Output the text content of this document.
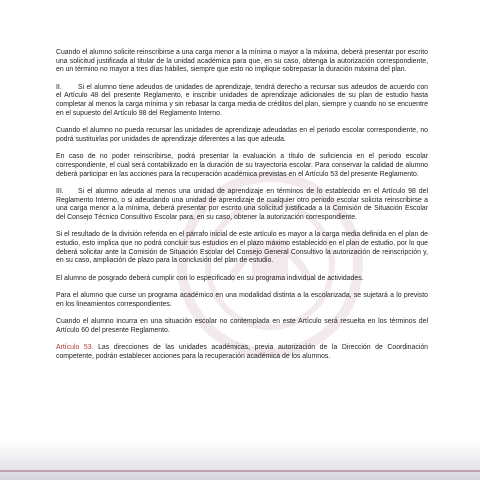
Cuando el alumno solicite reinscribirse a una carga menor a la mínima o mayor a la máxima, deberá presentar por escrito una solicitud justificada al titular de la unidad académica para que, en su caso, obtenga la autorización correspondiente, en un término no mayor a tres días hábiles, siempre que esto no implique sobrepasar la duración máxima del plan.

II. Si el alumno tiene adeudos de unidades de aprendizaje, tendrá derecho a recursar sus adeudos de acuerdo con el Artículo 48 del presente Reglamento, e inscribir unidades de aprendizaje adicionales de su plan de estudio hasta completar al menos la carga mínima y sin rebasar la carga media de créditos del plan, siempre y cuando no se encuentre en el supuesto del Artículo 98 del Reglamento Interno.

Cuando el alumno no pueda recursar las unidades de aprendizaje adeudadas en el periodo escolar correspondiente, no podrá sustituirlas por unidades de aprendizaje diferentes a las que adeuda.

En caso de no poder reinscribirse, podrá presentar la evaluación a título de suficiencia en el periodo escolar correspondiente, el cual será contabilizado en la duración de su trayectoria escolar. Para conservar la calidad de alumno deberá participar en las acciones para la recuperación académica previstas en el Artículo 53 del presente Reglamento.

III. Si el alumno adeuda al menos una unidad de aprendizaje en términos de lo establecido en el Artículo 98 del Reglamento Interno, o si adeudando una unidad de aprendizaje de cualquier otro periodo escolar solicita reinscribirse a una carga menor a la mínima, deberá presentar por escrito una solicitud justificada a la Comisión de Situación Escolar del Consejo Técnico Consultivo Escolar para, en su caso, obtener la autorización correspondiente.

Si el resultado de la división referida en el párrafo inicial de este artículo es mayor a la carga media definida en el plan de estudio, esto implica que no podrá concluir sus estudios en el plazo máximo establecido en el plan de estudio, por lo que deberá solicitar ante la Comisión de Situación Escolar del Consejo General Consultivo la autorización de reinscripción y, en su caso, ampliación de plazo para la conclusión del plan de estudio.

El alumno de posgrado deberá cumplir con lo especificado en su programa individual de actividades.

Para el alumno que curse un programa académico en una modalidad distinta a la escolarizada, se sujetará a lo previsto en los lineamientos correspondientes.

Cuando el alumno incurra en una situación escolar no contemplada en este Artículo será resuelta en los términos del Artículo 60 del presente Reglamento.

Artículo 53. Las direcciones de las unidades académicas, previa autorización de la Dirección de Coordinación competente, podrán establecer acciones para la recuperación académica de los alumnos.
